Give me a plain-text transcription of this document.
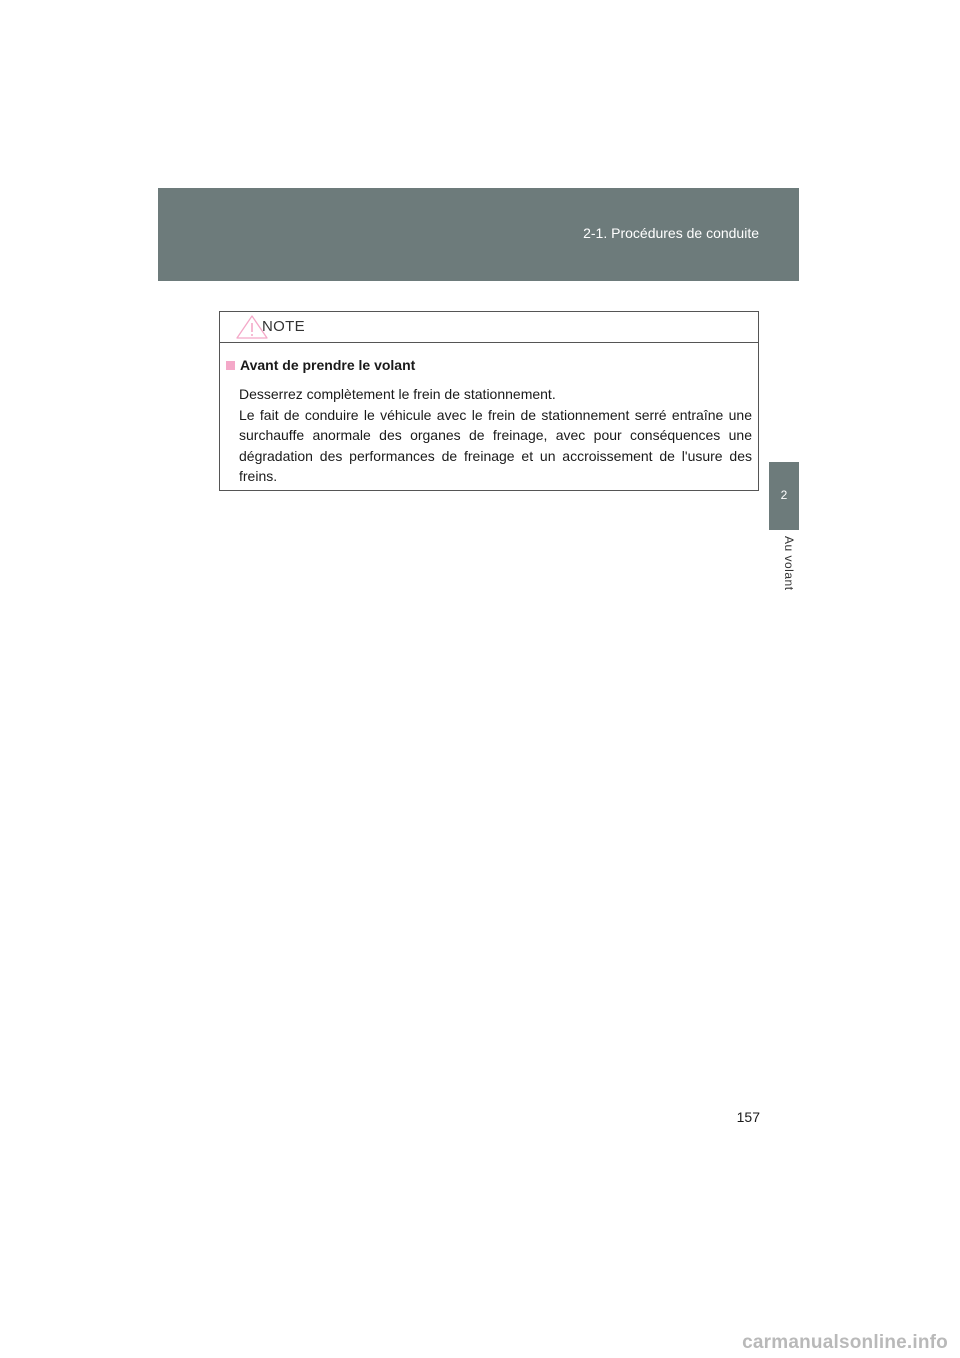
2-1. Procédures de conduite
2
Au volant
NOTE
Avant de prendre le volant

Desserrez complètement le frein de stationnement.

Le fait de conduire le véhicule avec le frein de stationnement serré entraîne une surchauffe anormale des organes de freinage, avec pour conséquences une dégradation des performances de freinage et un accroissement de l'usure des freins.

157
carmanualsonline.info
